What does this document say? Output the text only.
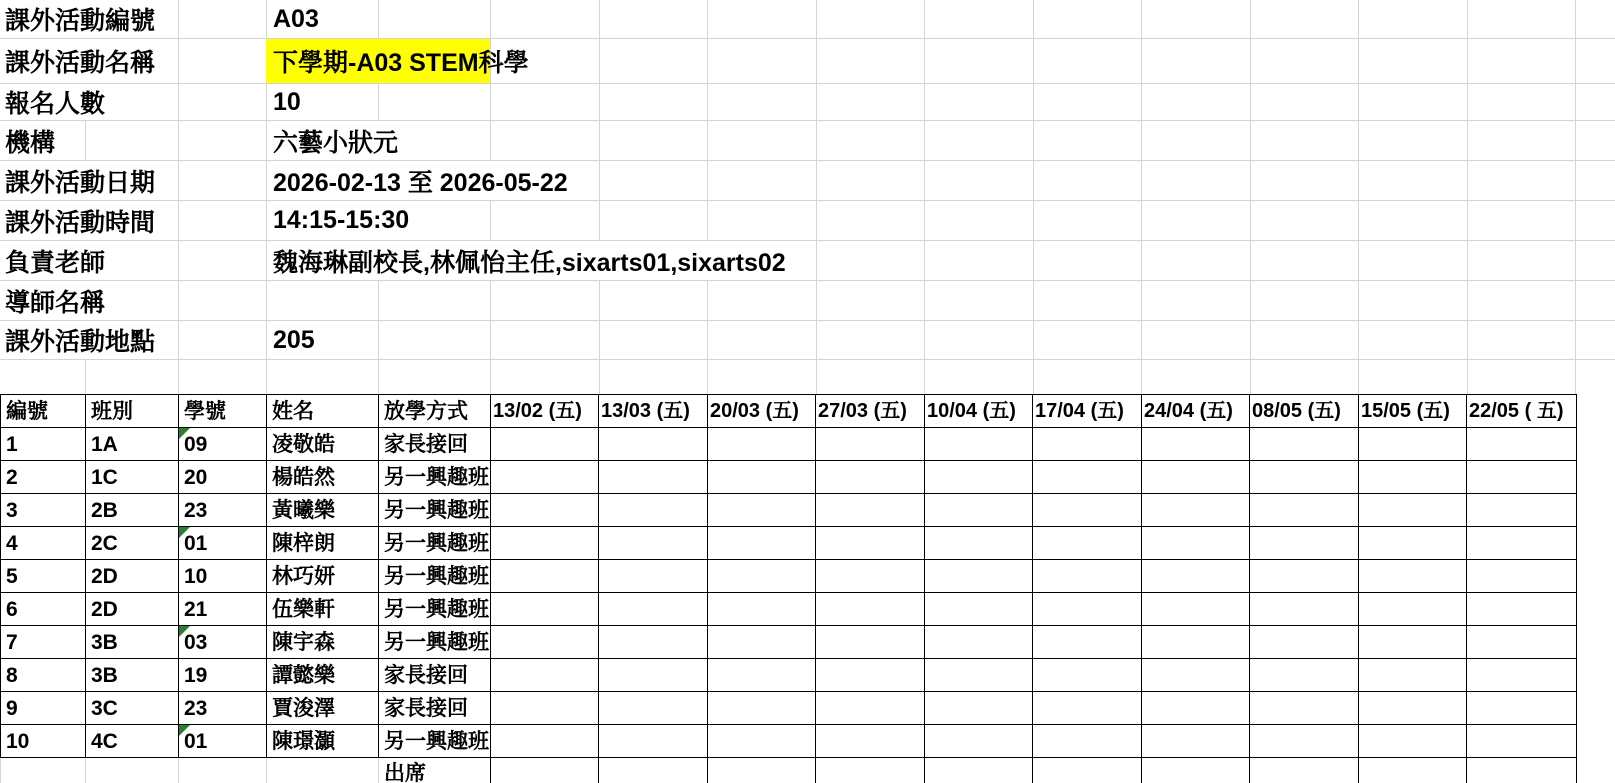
課外活動編號	A03
課外活動名稱	下學期-A03 STEM 科學
報名人數	10
機構	六藝小狀元
課外活動日期	2026-02-13 至 2026-05-22
課外活動時間	14:15-15:30
負責老師	魏海琳副校長,林佩怡主任,sixarts01,sixarts02
導師名稱
課外活動地點	205
編號	班別	學號	姓名	放學方式	13/02 (五)	13/03 (五)	20/03 (五)	27/03 (五)	10/04 (五)	17/04 (五)	24/04 (五)	08/05 (五)	15/05 (五)	22/05 ( 五)
1	1A	09	凌敬皓	家長接回										
2	1C	20	楊皓然	另一興趣班										
3	2B	23	黃曦樂	另一興趣班										
4	2C	01	陳梓朗	另一興趣班										
5	2D	10	林巧妍	另一興趣班										
6	2D	21	伍樂軒	另一興趣班										
7	3B	03	陳宇森	另一興趣班										
8	3B	19	譚懿樂	家長接回										
9	3C	23	賈浚澤	家長接回										
10	4C	01	陳璟灝	另一興趣班										
				出席										
